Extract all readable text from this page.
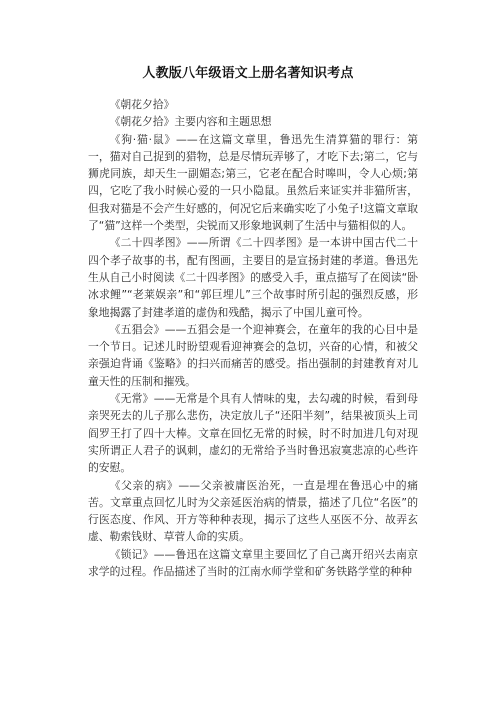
人教版八年级语文上册名著知识考点

《朝花夕拾》

《朝花夕拾》主要内容和主题思想

《狗·猫·鼠》——在这篇文章里，鲁迅先生清算猫的罪行：第一，猫对自己捉到的猎物，总是尽情玩弄够了，才吃下去;第二，它与狮虎同族，却天生一副媚态;第三，它老在配合时嗥叫，令人心烦;第四，它吃了我小时候心爱的一只小隐鼠。虽然后来证实并非猫所害，但我对猫是不会产生好感的，何况它后来确实吃了小兔子!这篇文章取了“猫”这样一个类型，尖锐而又形象地讽刺了生活中与猫相似的人。

《二十四孝图》——所谓《二十四孝图》是一本讲中国古代二十四个孝子故事的书，配有图画，主要目的是宣扬封建的孝道。鲁迅先生从自己小时阅读《二十四孝图》的感受入手，重点描写了在阅读“卧冰求鲤”“老莱娱亲”和“郭巨埋儿”三个故事时所引起的强烈反感，形象地揭露了封建孝道的虚伪和残酷，揭示了中国儿童可怜。

《五猖会》——五猖会是一个迎神赛会，在童年的我的心目中是一个节日。记述儿时盼望观看迎神赛会的急切，兴奋的心情，和被父亲强迫背诵《鉴略》的扫兴而痛苦的感受。指出强制的封建教育对儿童天性的压制和摧残。

《无常》——无常是个具有人情味的鬼，去勾魂的时候，看到母亲哭死去的儿子那么悲伤，决定放儿子“还阳半刻”，结果被顶头上司阎罗王打了四十大棒。文章在回忆无常的时候，时不时加进几句对现实所谓正人君子的讽刺，虚幻的无常给予当时鲁迅寂寞悲凉的心些许的安慰。

《父亲的病》——父亲被庸医治死，一直是埋在鲁迅心中的痛苦。文章重点回忆儿时为父亲延医治病的情景，描述了几位“名医”的行医态度、作风、开方等种种表现，揭示了这些人巫医不分、故弄玄虚、勒索钱财、草菅人命的实质。

《锁记》——鲁迅在这篇文章里主要回忆了自己离开绍兴去南京求学的过程。作品描述了当时的江南水师学堂和矿务铁路学堂的种种
